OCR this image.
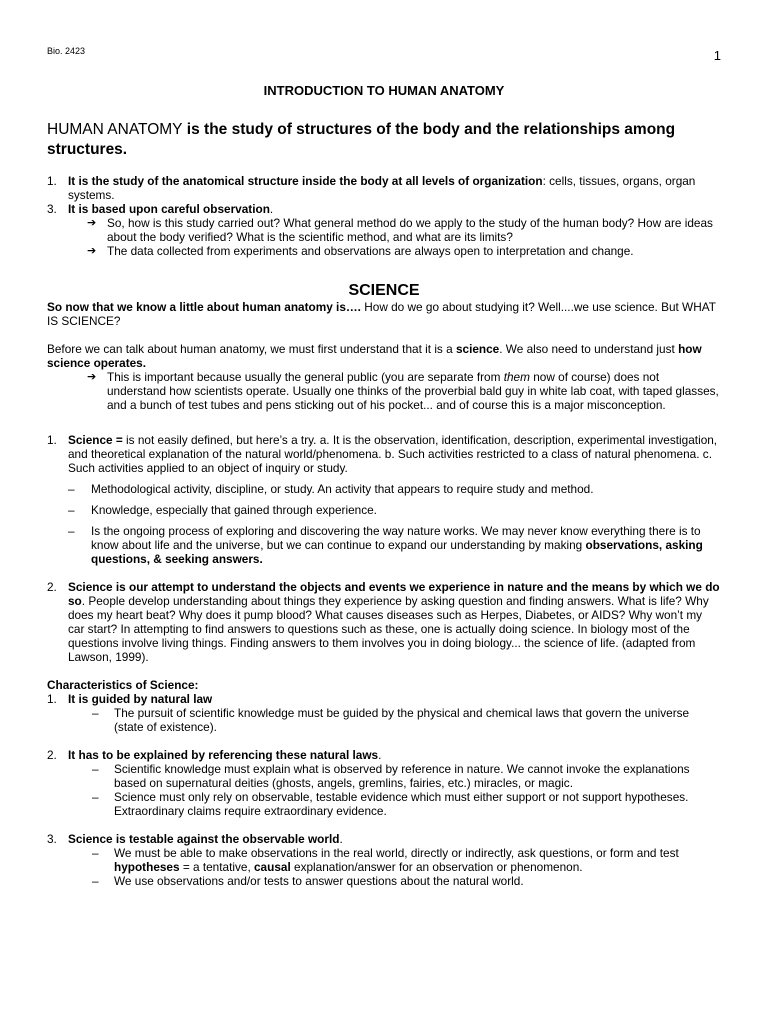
Bio. 2423	1
INTRODUCTION TO HUMAN ANATOMY

HUMAN ANATOMY is the study of structures of the body and the relationships among structures.

1. It is the study of the anatomical structure inside the body at all levels of organization: cells, tissues, organs, organ systems.
3. It is based upon careful observation.
➔ So, how is this study carried out? What general method do we apply to the study of the human body? How are ideas about the body verified? What is the scientific method, and what are its limits?
➔ The data collected from experiments and observations are always open to interpretation and change.
SCIENCE

So now that we know a little about human anatomy is…. How do we go about studying it? Well....we use science. But WHAT IS SCIENCE?

Before we can talk about human anatomy, we must first understand that it is a science. We also need to understand just how science operates.

➔ This is important because usually the general public (you are separate from them now of course) does not understand how scientists operate. Usually one thinks of the proverbial bald guy in white lab coat, with taped glasses, and a bunch of test tubes and pens sticking out of his pocket... and of course this is a major misconception.
1. Science = is not easily defined, but here’s a try. a. It is the observation, identification, description, experimental investigation, and theoretical explanation of the natural world/phenomena. b. Such activities restricted to a class of natural phenomena. c. Such activities applied to an object of inquiry or study.
–	Methodological activity, discipline, or study. An activity that appears to require study and method.
–	Knowledge, especially that gained through experience.
–	Is the ongoing process of exploring and discovering the way nature works. We may never know everything there is to know about life and the universe, but we can continue to expand our understanding by making observations, asking questions, & seeking answers.
2. Science is our attempt to understand the objects and events we experience in nature and the means by which we do so. People develop understanding about things they experience by asking question and finding answers. What is life? Why does my heart beat? Why does it pump blood? What causes diseases such as Herpes, Diabetes, or AIDS? Why won’t my car start? In attempting to find answers to questions such as these, one is actually doing science. In biology most of the questions involve living things. Finding answers to them involves you in doing biology... the science of life. (adapted from Lawson, 1999).

Characteristics of Science:

1. It is guided by natural law
–	The pursuit of scientific knowledge must be guided by the physical and chemical laws that govern the universe (state of existence).
2. It has to be explained by referencing these natural laws.
–	Scientific knowledge must explain what is observed by reference in nature. We cannot invoke the explanations based on supernatural deities (ghosts, angels, gremlins, fairies, etc.) miracles, or magic.
–	Science must only rely on observable, testable evidence which must either support or not support hypotheses. Extraordinary claims require extraordinary evidence.
3. Science is testable against the observable world.
–	We must be able to make observations in the real world, directly or indirectly, ask questions, or form and test hypotheses = a tentative, causal explanation/answer for an observation or phenomenon.
–	We use observations and/or tests to answer questions about the natural world.
